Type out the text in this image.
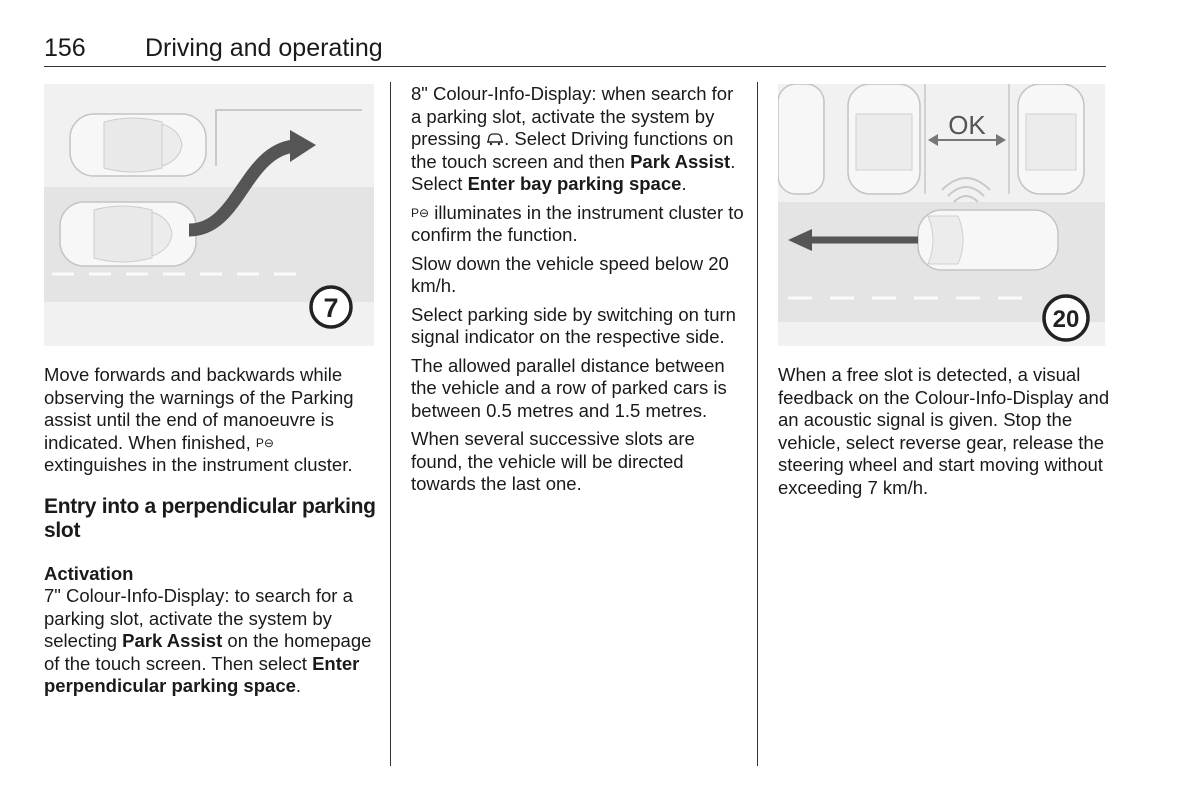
156 Driving and operating
7
OK
20

Move forwards and backwards while observing the warnings of the Parking assist until the end of manoeuvre is indicated. When finished, P⊖ extinguishes in the instrument cluster.

Entry into a perpendicular parking slot
Activation

7" Colour-Info-Display: to search for a parking slot, activate the system by selecting Park Assist on the homepage of the touch screen. Then select Enter perpendicular parking space.

8" Colour-Info-Display: when search for a parking slot, activate the system by pressing . Select Driving functions on the touch screen and then Park Assist. Select Enter bay parking space.

P⊖ illuminates in the instrument cluster to confirm the function.

Slow down the vehicle speed below 20 km/h.

Select parking side by switching on turn signal indicator on the respective side.

The allowed parallel distance between the vehicle and a row of parked cars is between 0.5 metres and 1.5 metres.

When several successive slots are found, the vehicle will be directed towards the last one.

When a free slot is detected, a visual feedback on the Colour-Info-Display and an acoustic signal is given. Stop the vehicle, select reverse gear, release the steering wheel and start moving without exceeding 7 km/h.
